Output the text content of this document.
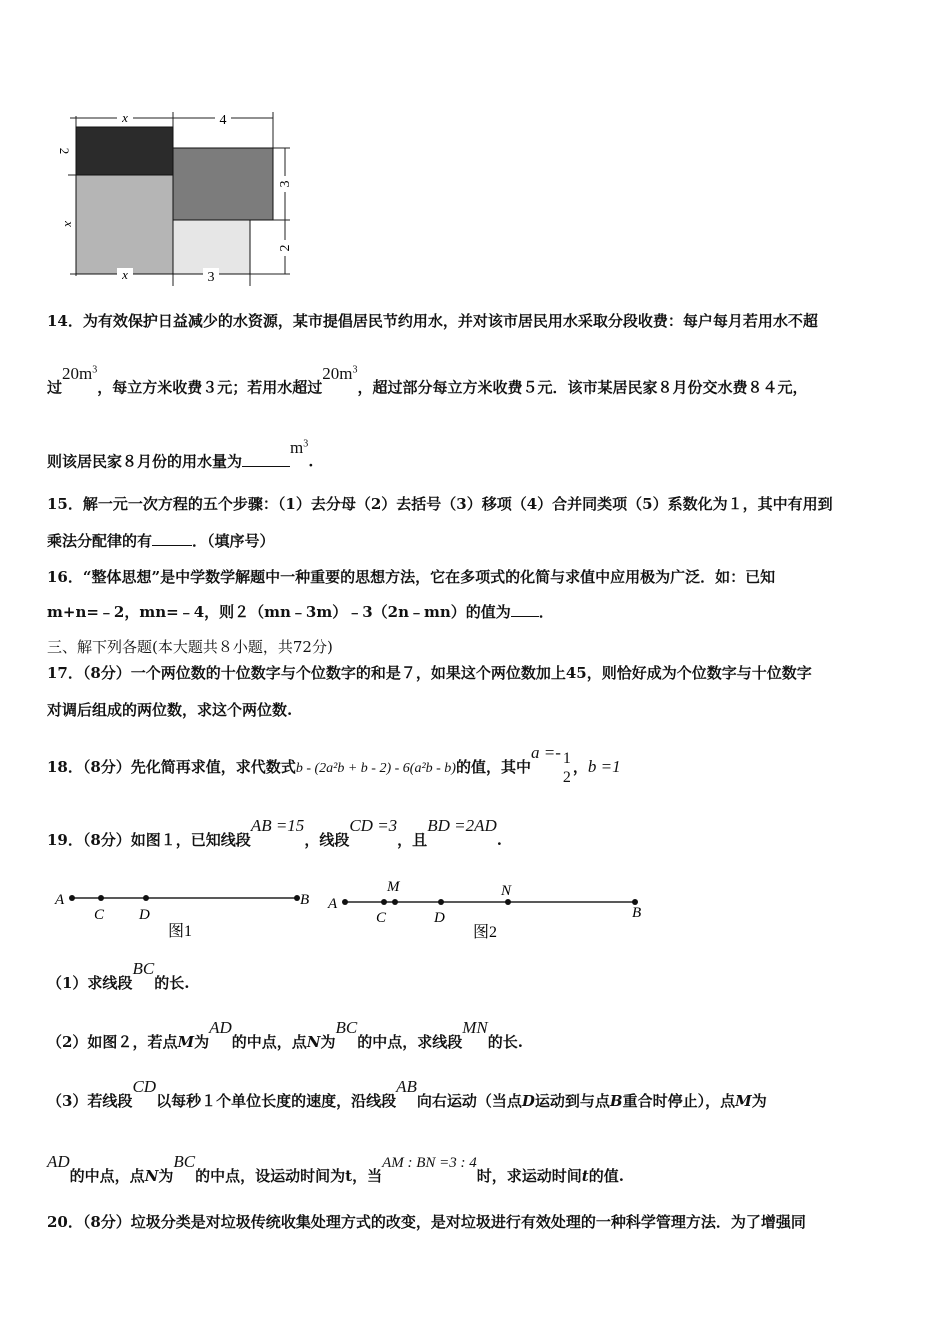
x	4
2
x
3
2
x	3
14．为有效保护日益减少的水资源，某市提倡居民节约用水，并对该市居民用水采取分段收费：每户每月若用水不超
过$20m^3$，每立方米收费３元；若用水超过$20m^3$，超过部分每立方米收费５元．该市某居民家８月份交水费８４元，
则该居民家８月份的用水量为$m^3$.
15．解一元一次方程的五个步骤：（1）去分母（2）去括号（3）移项（4）合并同类项（5）系数化为１，其中有用到
乘法分配律的有	．（填序号）
16．“整体思想”是中学数学解题中一种重要的思想方法，它在多项式的化简与求值中应用极为广泛．如：已知
m+n=﹣2，mn=﹣4，则２（mn﹣3m）﹣3（2n﹣mn）的值为 ．
三、解下列各题(本大题共８小题，共72分)
17．（8分）一个两位数的十位数字与个位数字的和是７，如果这个两位数加上45，则恰好成为个位数字与十位数字
对调后组成的两位数，求这个两位数.
18．（8分）先化简再求值，求代数式b - (2a²b + b - 2) - 6(a²b - b)的值，其中$a =- \frac{1}{2}$ ，b =1
19．（8分）如图１，已知线段AB =15，线段CD =3，且BD =2AD.
A
C D
B
图1
A
M	N
C	D	B
图2
（1）求线段BC的长.
（2）如图２，若点M为AD的中点，点N为BC的中点，求线段MN的长.
（3）若线段CD以每秒１个单位长度的速度，沿线段AB向右运动（当点D运动到与点B重合时停止），点M为
AD的中点，点N为BC的中点，设运动时间为t，当AM : BN =3 : 4时，求运动时间t的值.
20．（8分）垃圾分类是对垃圾传统收集处理方式的改变，是对垃圾进行有效处理的一种科学管理方法．为了增强同
